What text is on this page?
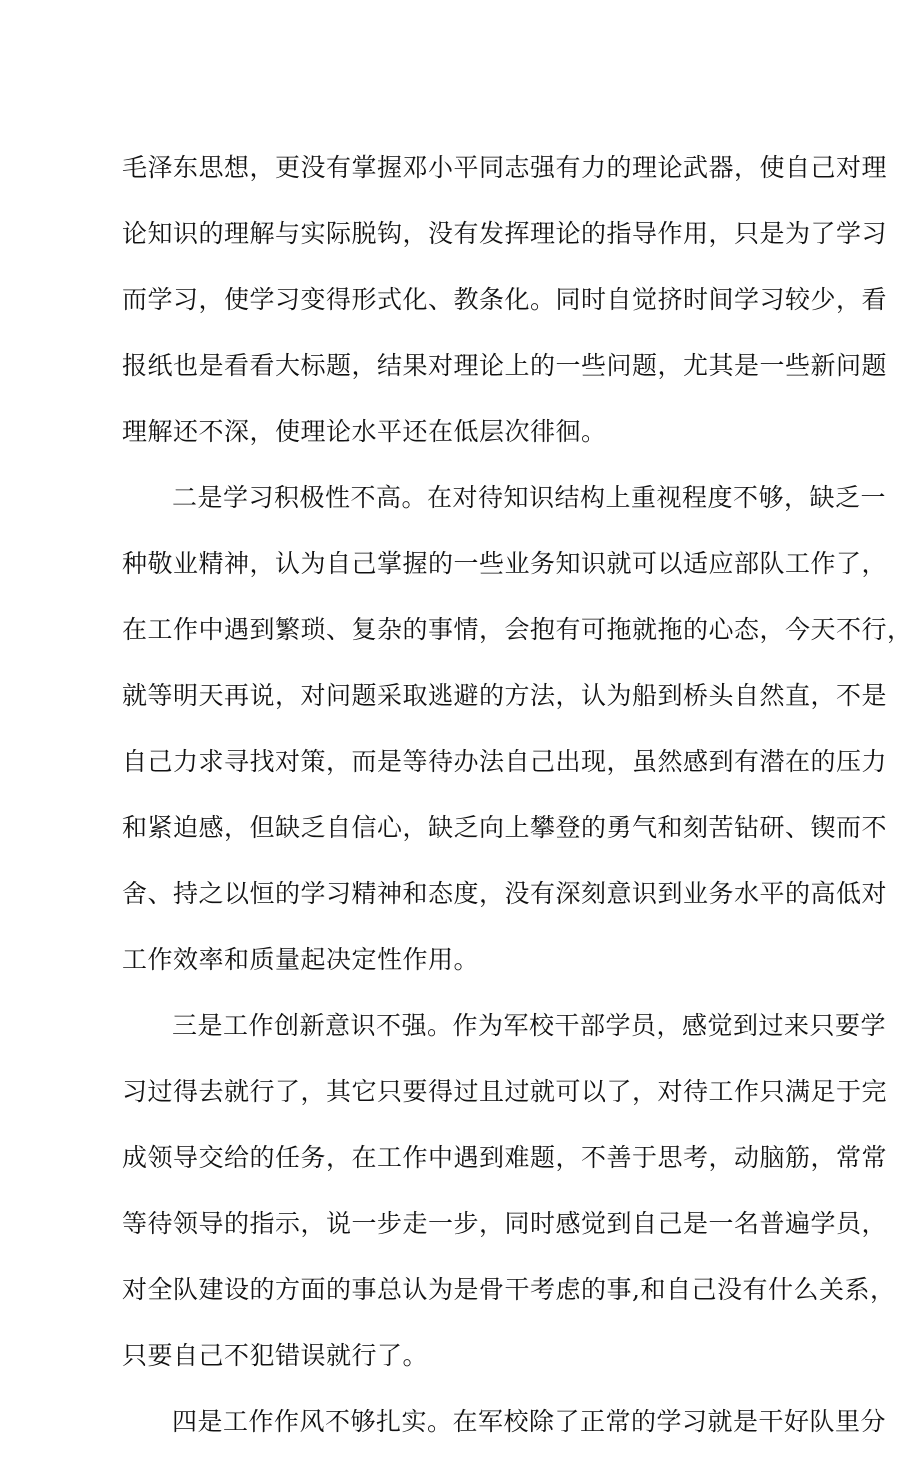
毛泽东思想，更没有掌握邓小平同志强有力的理论武器，使自己对理
论知识的理解与实际脱钩，没有发挥理论的指导作用，只是为了学习
而学习，使学习变得形式化、教条化。同时自觉挤时间学习较少，看
报纸也是看看大标题，结果对理论上的一些问题，尤其是一些新问题
理解还不深，使理论水平还在低层次徘徊。
二是学习积极性不高。在对待知识结构上重视程度不够，缺乏一
种敬业精神，认为自己掌握的一些业务知识就可以适应部队工作了，
在工作中遇到繁琐、复杂的事情，会抱有可拖就拖的心态，今天不行，
就等明天再说，对问题采取逃避的方法，认为船到桥头自然直，不是
自己力求寻找对策，而是等待办法自己出现，虽然感到有潜在的压力
和紧迫感，但缺乏自信心，缺乏向上攀登的勇气和刻苦钻研、锲而不
舍、持之以恒的学习精神和态度，没有深刻意识到业务水平的高低对
工作效率和质量起决定性作用。
三是工作创新意识不强。作为军校干部学员，感觉到过来只要学
习过得去就行了，其它只要得过且过就可以了，对待工作只满足于完
成领导交给的任务，在工作中遇到难题，不善于思考，动脑筋，常常
等待领导的指示，说一步走一步，同时感觉到自己是一名普遍学员，
对全队建设的方面的事总认为是骨干考虑的事,和自己没有什么关系，
只要自己不犯错误就行了。
四是工作作风不够扎实。在军校除了正常的学习就是干好队里分
